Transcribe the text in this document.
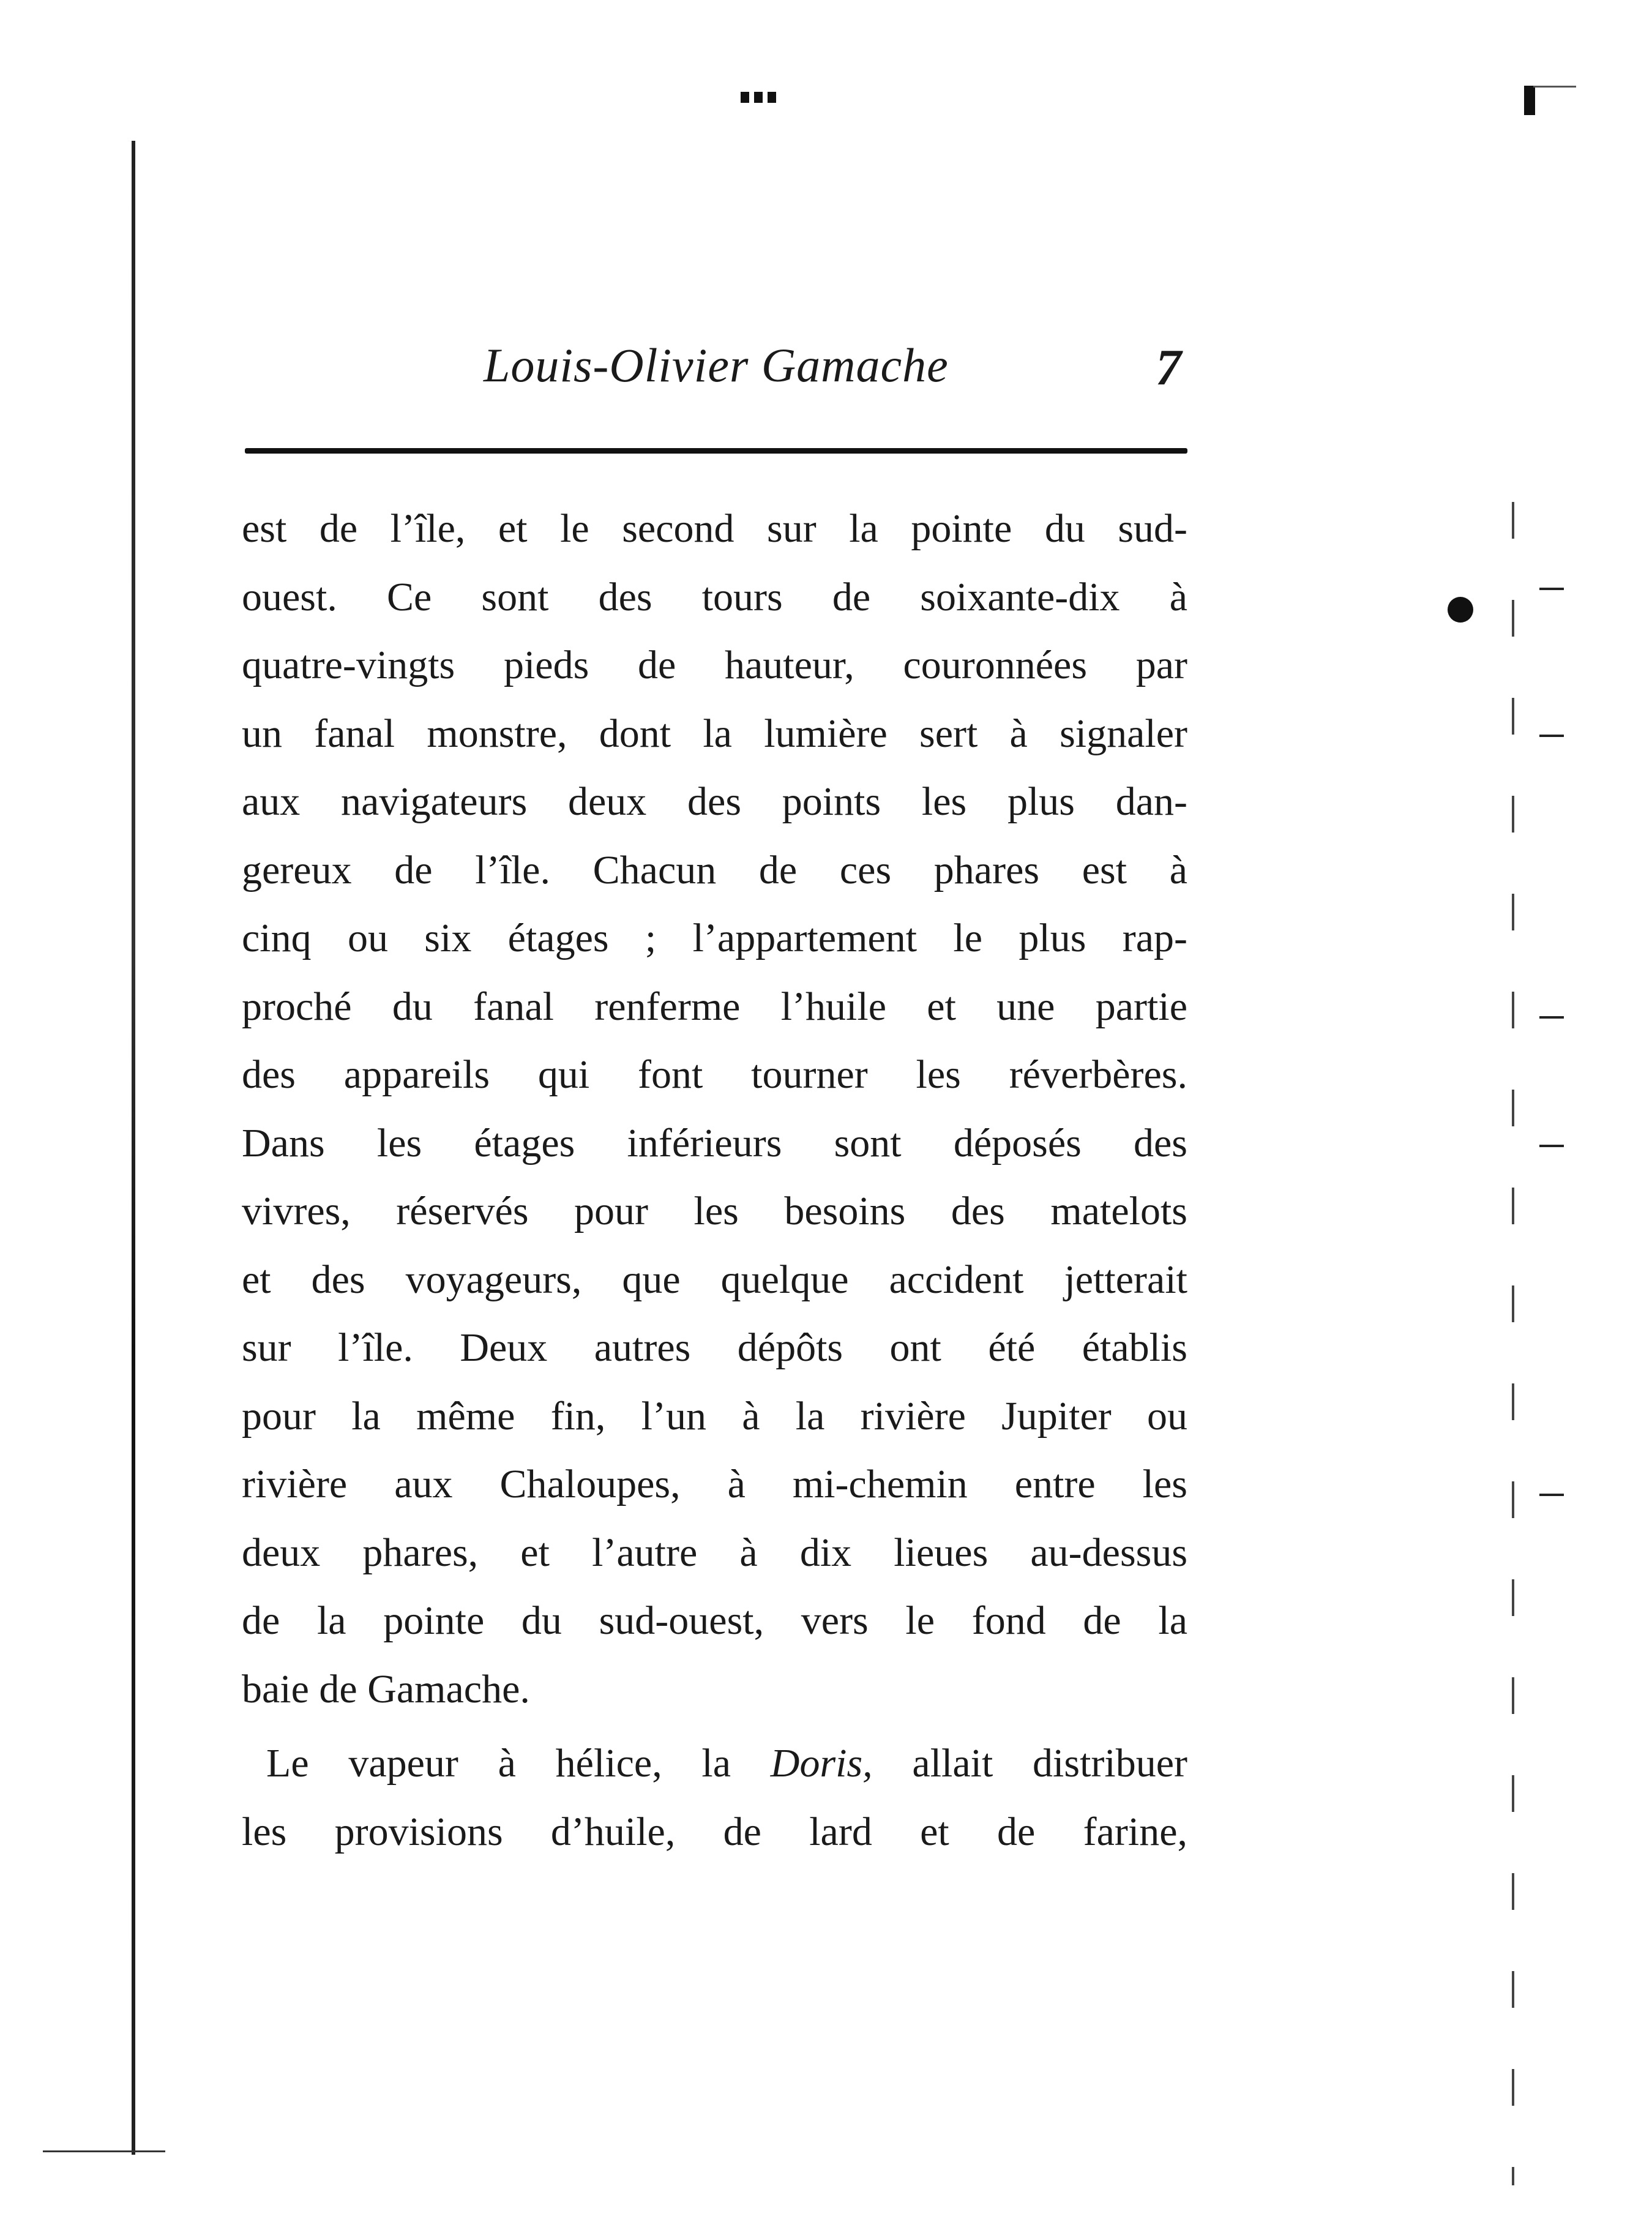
Louis-Olivier Gamache	7
est de l’île, et le second sur la pointe du sud-
ouest. Ce sont des tours de soixante-dix à
quatre-vingts pieds de hauteur, couronnées par
un fanal monstre, dont la lumière sert à signaler
aux navigateurs deux des points les plus dan-
gereux de l’île. Chacun de ces phares est à
cinq ou six étages ; l’appartement le plus rap-
proché du fanal renferme l’huile et une partie
des appareils qui font tourner les réverbères.
Dans les étages inférieurs sont déposés des
vivres, réservés pour les besoins des matelots
et des voyageurs, que quelque accident jetterait
sur l’île. Deux autres dépôts ont été établis
pour la même fin, l’un à la rivière Jupiter ou
rivière aux Chaloupes, à mi-chemin entre les
deux phares, et l’autre à dix lieues au-dessus
de la pointe du sud-ouest, vers le fond de la
baie de Gamache.
Le vapeur à hélice, la Doris, allait distribuer
les provisions d’huile, de lard et de farine,
